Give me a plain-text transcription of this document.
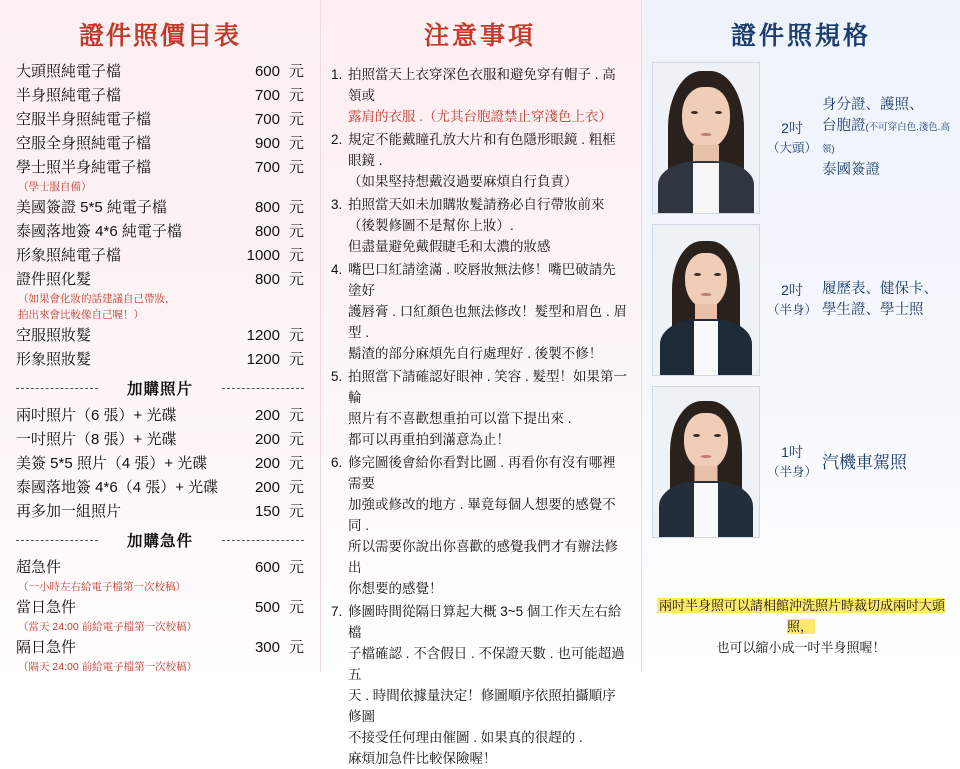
證件照價目表
大頭照純電子檔	600 元
半身照純電子檔	700 元
空服半身照純電子檔	700 元
空服全身照純電子檔	900 元
學士照半身純電子檔	700 元
（學士服自備）
美國簽證 5*5 純電子檔	800 元
泰國落地簽 4*6 純電子檔	800 元
形象照純電子檔	1000 元
證件照化髮	800 元
（如果會化妝的話建議自己帶妝，
拍出來會比較像自己喔！）
空服照妝髮	1200 元
形象照妝髮	1200 元
加購照片
兩吋照片（6 張）+ 光碟	200 元
一吋照片（8 張）+ 光碟	200 元
美簽 5*5 照片（4 張）+ 光碟	200 元
泰國落地簽 4*6（4 張）+ 光碟	200 元
再多加一組照片	150 元
加購急件
超急件	600 元
（一小時左右給電子檔第一次校稿）
當日急件	500 元
（當天 24:00 前給電子檔第一次校稿）
隔日急件	300 元
（隔天 24:00 前給電子檔第一次校稿）
注意事項
1. 拍照當天上衣穿深色衣服和避免穿有帽子 . 高領或
露肩的衣服 .（尤其台胞證禁止穿淺色上衣）
2. 規定不能戴瞳孔放大片和有色隱形眼鏡 . 粗框眼鏡 .
（如果堅持想戴沒過要麻煩自行負責）
3. 拍照當天如未加購妝髮請務必自行帶妝前來
（後製修圖不是幫你上妝）.
但盡量避免戴假睫毛和太濃的妝感
4. 嘴巴口紅請塗滿 . 咬唇妝無法修！嘴巴破請先塗好
護唇膏 . 口紅顏色也無法修改！髮型和眉色 . 眉型 .
鬍渣的部分麻煩先自行處理好 . 後製不修！
5. 拍照當下請確認好眼神 . 笑容 . 髮型！如果第一輪
照片有不喜歡想重拍可以當下提出來 .
都可以再重拍到滿意為止！
6. 修完圖後會給你看對比圖 . 再看你有沒有哪裡需要
加強或修改的地方 . 畢竟每個人想要的感覺不同 .
所以需要你說出你喜歡的感覺我們才有辦法修出
你想要的感覺！
7. 修圖時間從隔日算起大概 3~5 個工作天左右給檔
子檔確認 . 不含假日 . 不保證天數 . 也可能超過五
天 . 時間依據量決定！修圖順序依照拍攝順序修圖
不接受任何理由催圖 . 如果真的很趕的 .
麻煩加急件比較保險喔！
證件照規格
2吋
（大頭）
身分證、護照、
台胞證(不可穿白色.淺色.高領)
泰國簽證
2吋
（半身）
履歷表、健保卡、
學生證、學士照
1吋
（半身）
汽機車駕照
兩吋半身照可以請相館沖洗照片時裁切成兩吋大頭照，
也可以縮小成一吋半身照喔！
